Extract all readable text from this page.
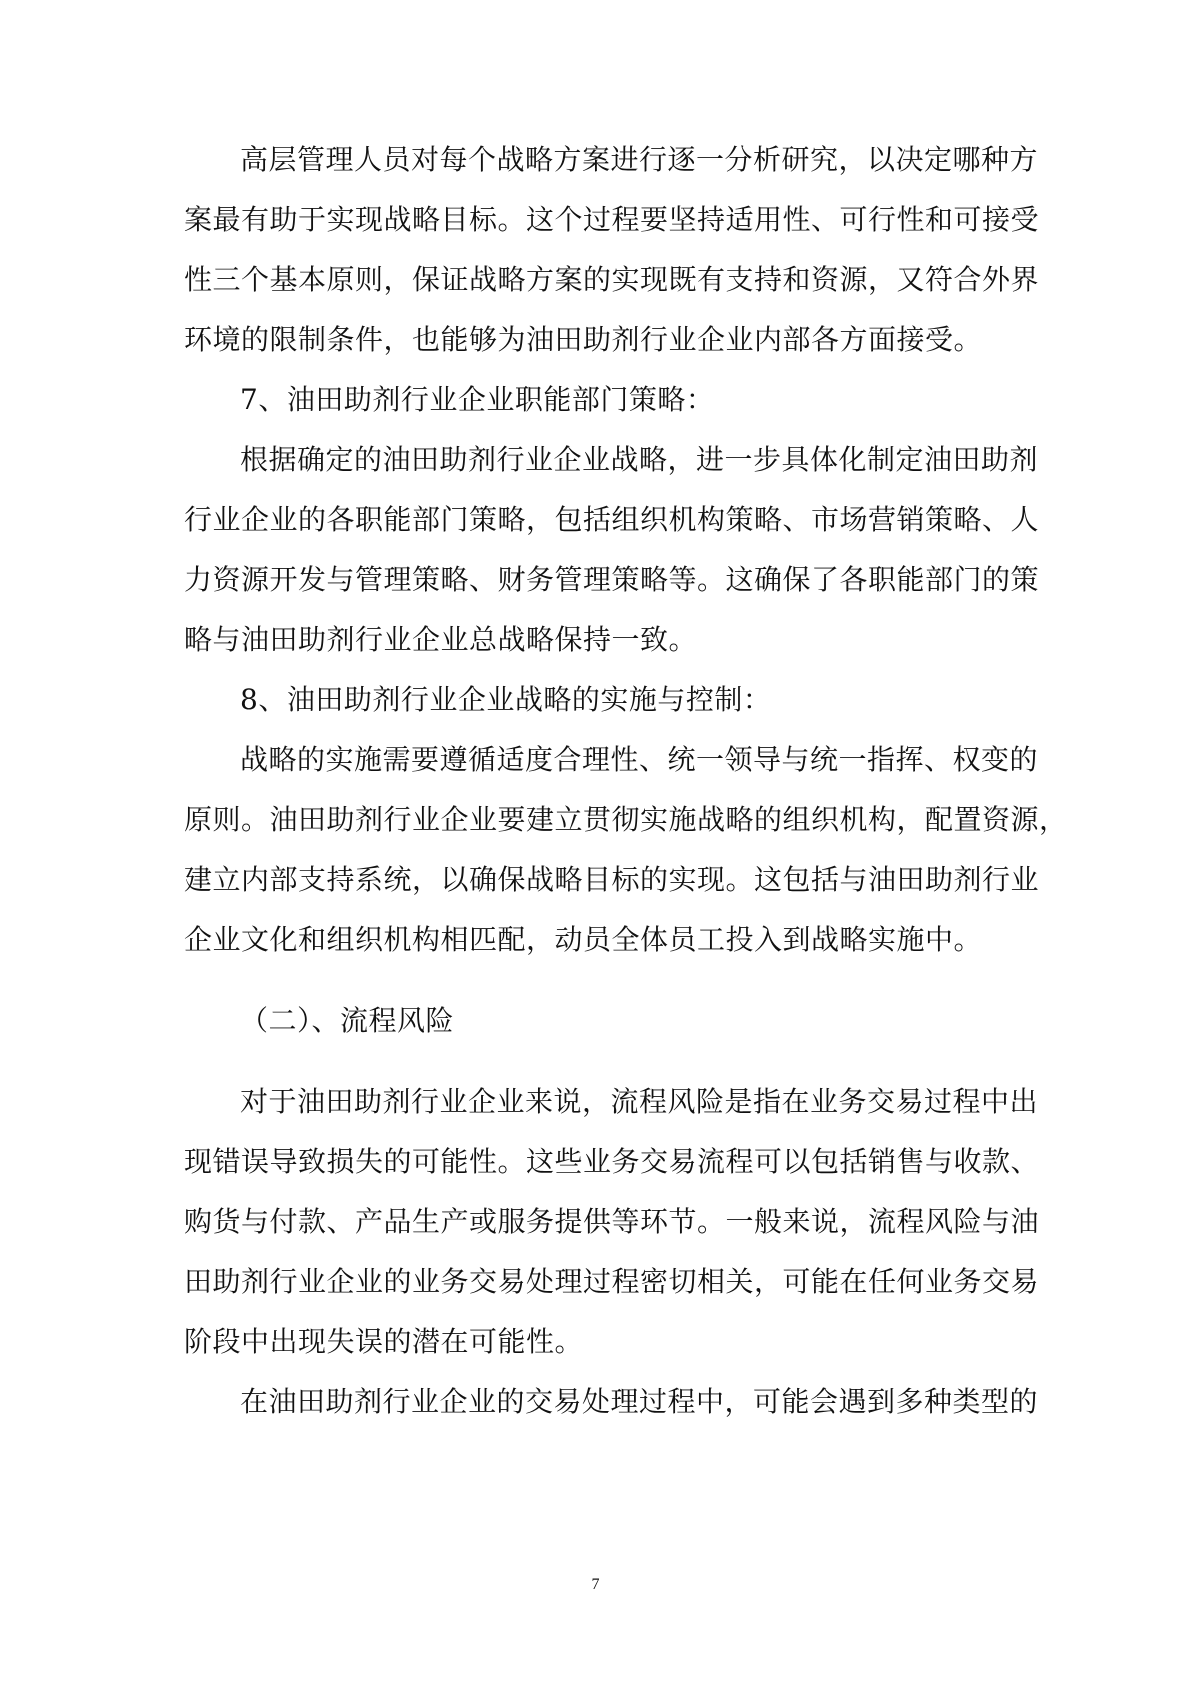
高层管理人员对每个战略方案进行逐一分析研究，以决定哪种方
案最有助于实现战略目标。这个过程要坚持适用性、可行性和可接受
性三个基本原则，保证战略方案的实现既有支持和资源，又符合外界
环境的限制条件，也能够为油田助剂行业企业内部各方面接受。
7、油田助剂行业企业职能部门策略：
根据确定的油田助剂行业企业战略，进一步具体化制定油田助剂
行业企业的各职能部门策略，包括组织机构策略、市场营销策略、人
力资源开发与管理策略、财务管理策略等。这确保了各职能部门的策
略与油田助剂行业企业总战略保持一致。
8、油田助剂行业企业战略的实施与控制：
战略的实施需要遵循适度合理性、统一领导与统一指挥、权变的
原则。油田助剂行业企业要建立贯彻实施战略的组织机构，配置资源，
建立内部支持系统，以确保战略目标的实现。这包括与油田助剂行业
企业文化和组织机构相匹配，动员全体员工投入到战略实施中。
（二）、流程风险
对于油田助剂行业企业来说，流程风险是指在业务交易过程中出
现错误导致损失的可能性。这些业务交易流程可以包括销售与收款、
购货与付款、产品生产或服务提供等环节。一般来说，流程风险与油
田助剂行业企业的业务交易处理过程密切相关，可能在任何业务交易
阶段中出现失误的潜在可能性。
在油田助剂行业企业的交易处理过程中，可能会遇到多种类型的
7
